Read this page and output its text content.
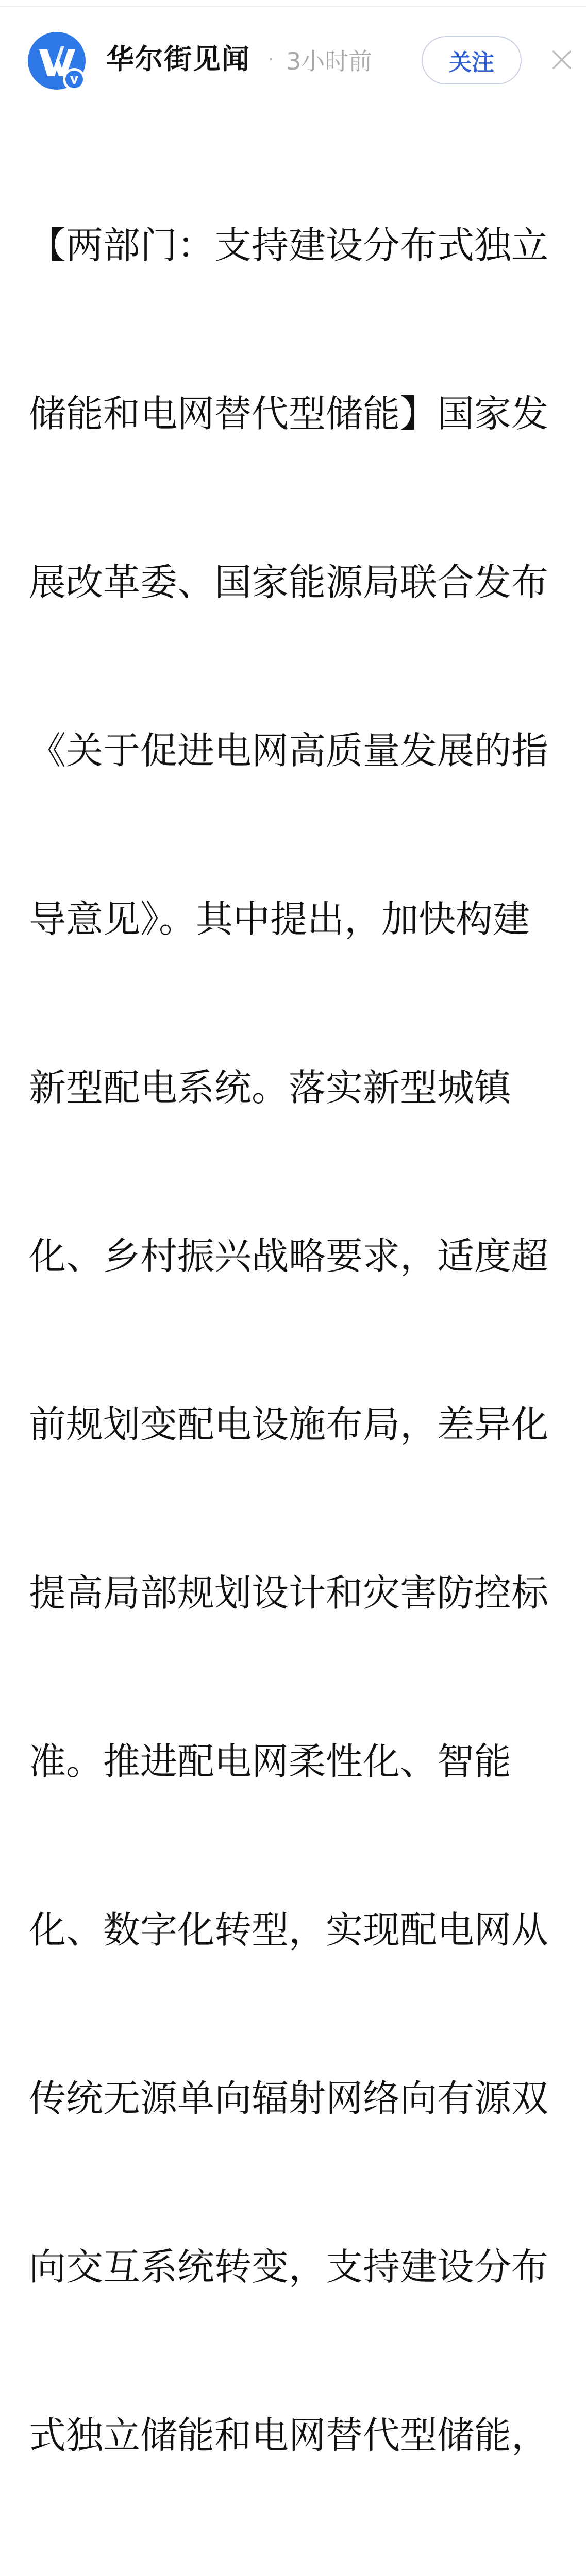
华尔街见闻 · 3小时前	关注

【两部门：支持建设分布式独立

储能和电网替代型储能】国家发

展改革委、国家能源局联合发布

《关于促进电网高质量发展的指

导意见》。其中提出，加快构建

新型配电系统。落实新型城镇

化、乡村振兴战略要求，适度超

前规划变配电设施布局，差异化

提高局部规划设计和灾害防控标

准。推进配电网柔性化、智能

化、数字化转型，实现配电网从

传统无源单向辐射网络向有源双

向交互系统转变，支持建设分布

式独立储能和电网替代型储能，
